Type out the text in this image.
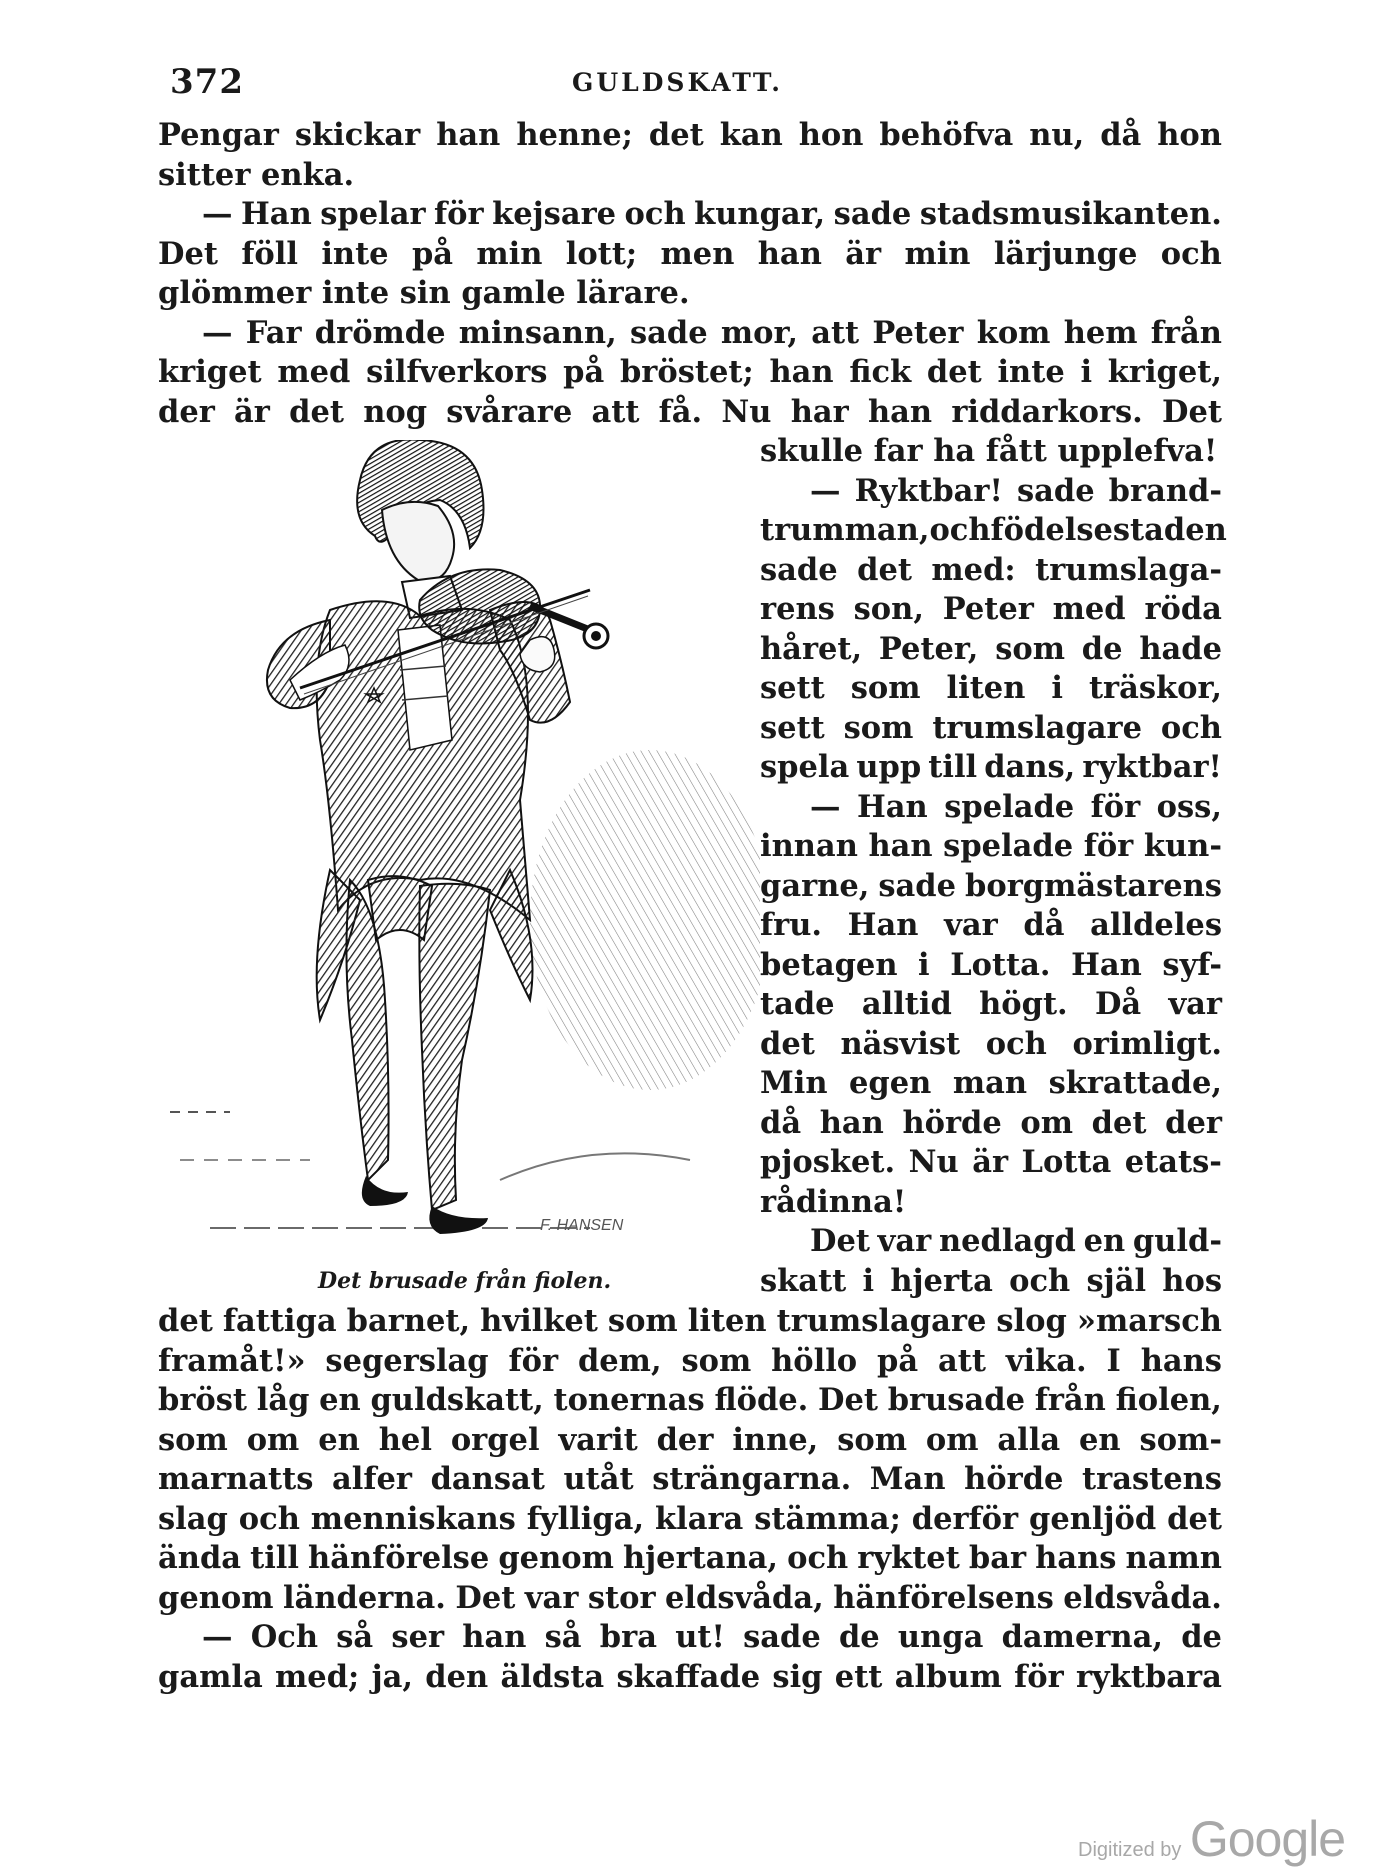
372	GULDSKATT.
Pengar skickar han henne; det kan hon behöfva nu, då hon
sitter enka.
— Han spelar för kejsare och kungar, sade stadsmusikanten.
Det föll inte på min lott; men han är min lärjunge och
glömmer inte sin gamle lärare.
— Far drömde minsann, sade mor, att Peter kom hem från
kriget med silfverkors på bröstet; han fick det inte i kriget,
der är det nog svårare att få. Nu har han riddarkors. Det
F. HANSEN
Det brusade från fiolen.
skulle far ha fått upplefva!
— Ryktbar! sade brand-
trumman, och födelsestaden
sade det med: trumslaga-
rens son, Peter med röda
håret, Peter, som de hade
sett som liten i träskor,
sett som trumslagare och
spela upp till dans, ryktbar!
— Han spelade för oss,
innan han spelade för kun-
garne, sade borgmästarens
fru. Han var då alldeles
betagen i Lotta. Han syf-
tade alltid högt. Då var
det näsvist och orimligt.
Min egen man skrattade,
då han hörde om det der
pjosket. Nu är Lotta etats-
rådinna!
Det var nedlagd en guld-
skatt i hjerta och själ hos
det fattiga barnet, hvilket som liten trumslagare slog »marsch
framåt!» segerslag för dem, som höllo på att vika. I hans
bröst låg en guldskatt, tonernas flöde. Det brusade från fiolen,
som om en hel orgel varit der inne, som om alla en som-
marnatts alfer dansat utåt strängarna. Man hörde trastens
slag och menniskans fylliga, klara stämma; derför genljöd det
ända till hänförelse genom hjertana, och ryktet bar hans namn
genom länderna. Det var stor eldsvåda, hänförelsens eldsvåda.
— Och så ser han så bra ut! sade de unga damerna, de
gamla med; ja, den äldsta skaffade sig ett album för ryktbara
Digitized by Google
